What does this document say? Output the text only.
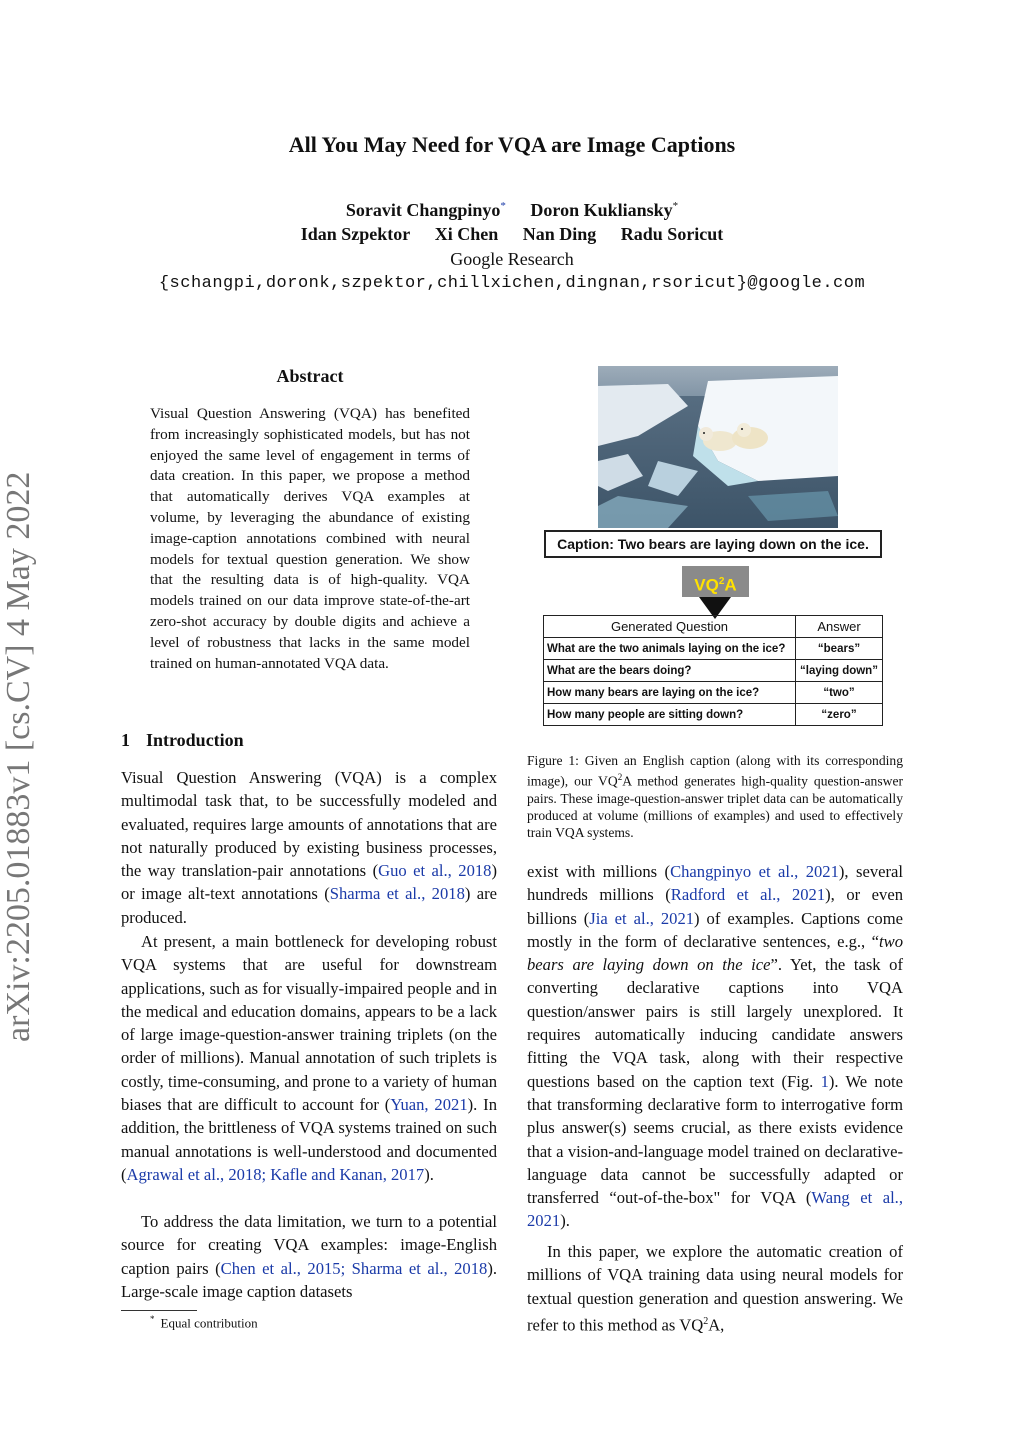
All You May Need for VQA are Image Captions
Soravit Changpinyo* Doron Kukliansky*
Idan Szpektor Xi Chen Nan Ding Radu Soricut
Google Research
{schangpi,doronk,szpektor,chillxichen,dingnan,rsoricut}@google.com
arXiv:2205.01883v1 [cs.CV] 4 May 2022
Abstract
Visual Question Answering (VQA) has benefited from increasingly sophisticated models, but has not enjoyed the same level of engagement in terms of data creation. In this paper, we propose a method that automatically derives VQA examples at volume, by leveraging the abundance of existing image-caption annotations combined with neural models for textual question generation. We show that the resulting data is of high-quality. VQA models trained on our data improve state-of-the-art zero-shot accuracy by double digits and achieve a level of robustness that lacks in the same model trained on human-annotated VQA data.
1 Introduction
Visual Question Answering (VQA) is a complex multimodal task that, to be successfully modeled and evaluated, requires large amounts of annotations that are not naturally produced by existing business processes, the way translation-pair annotations (Guo et al., 2018) or image alt-text annotations (Sharma et al., 2018) are produced.
At present, a main bottleneck for developing robust VQA systems that are useful for downstream applications, such as for visually-impaired people and in the medical and education domains, appears to be a lack of large image-question-answer training triplets (on the order of millions). Manual annotation of such triplets is costly, time-consuming, and prone to a variety of human biases that are difficult to account for (Yuan, 2021). In addition, the brittleness of VQA systems trained on such manual annotations is well-understood and documented (Agrawal et al., 2018; Kafle and Kanan, 2017).
To address the data limitation, we turn to a potential source for creating VQA examples: image-English caption pairs (Chen et al., 2015; Sharma et al., 2018). Large-scale image caption datasets
* Equal contribution
Caption: Two bears are laying down on the ice.
$VQ^2A$
Generated Question	Answer
What are the two animals laying on the ice?	“bears”
What are the bears doing?	“laying down”
How many bears are laying on the ice?	“two”
How many people are sitting down?	“zero”
Figure 1: Given an English caption (along with its corresponding image), our $VQ^2A$ method generates high-quality question-answer pairs. These image-question-answer triplet data can be automatically produced at volume (millions of examples) and used to effectively train VQA systems.
exist with millions (Changpinyo et al., 2021), several hundreds millions (Radford et al., 2021), or even billions (Jia et al., 2021) of examples. Captions come mostly in the form of declarative sentences, e.g., “two bears are laying down on the ice”. Yet, the task of converting declarative captions into VQA question/answer pairs is still largely unexplored. It requires automatically inducing candidate answers fitting the VQA task, along with their respective questions based on the caption text (Fig. 1). We note that transforming declarative form to interrogative form plus answer(s) seems crucial, as there exists evidence that a vision-and-language model trained on declarative-language data cannot be successfully adapted or transferred “out-of-the-box" for VQA (Wang et al., 2021).
In this paper, we explore the automatic creation of millions of VQA training data using neural models for textual question generation and question answering. We refer to this method as $VQ^2A$,
